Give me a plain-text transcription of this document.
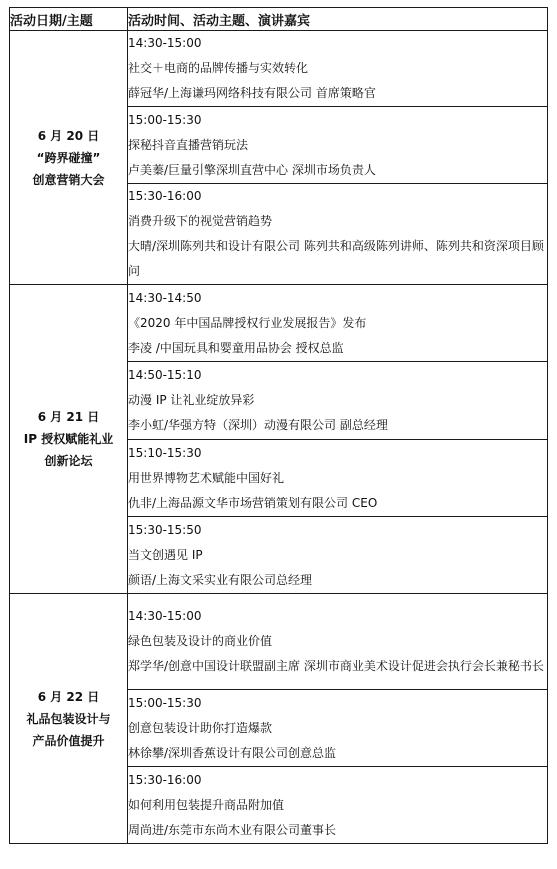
活动日期/主题	活动时间、活动主题、演讲嘉宾

6 月 20 日
“跨界碰撞”
创意营销大会	14:30-15:00
社交＋电商的品牌传播与实效转化
薛冠华/上海谦玛网络科技有限公司 首席策略官

	15:00-15:30
探秘抖音直播营销玩法
卢美蓁/巨量引擎深圳直营中心 深圳市场负责人

	15:30-16:00
消费升级下的视觉营销趋势
大晴/深圳陈列共和设计有限公司 陈列共和高级陈列讲师、陈列共和资深项目顾问

6 月 21 日
IP 授权赋能礼业
创新论坛	14:30-14:50
《2020 年中国品牌授权行业发展报告》发布
李凌 /中国玩具和婴童用品协会 授权总监

	14:50-15:10
动漫 IP 让礼业绽放异彩
李小虹/华强方特（深圳）动漫有限公司 副总经理

	15:10-15:30
用世界博物艺术赋能中国好礼
仇非/上海品源文华市场营销策划有限公司 CEO

	15:30-15:50
当文创遇见 IP
颜语/上海文采实业有限公司总经理

6 月 22 日
礼品包装设计与
产品价值提升	14:30-15:00
绿色包装及设计的商业价值
郑学华/创意中国设计联盟副主席 深圳市商业美术设计促进会执行会长兼秘书长

	15:00-15:30
创意包装设计助你打造爆款
林徐攀/深圳香蕉设计有限公司创意总监

	15:30-16:00
如何利用包装提升商品附加值
周尚进/东莞市东尚木业有限公司董事长
